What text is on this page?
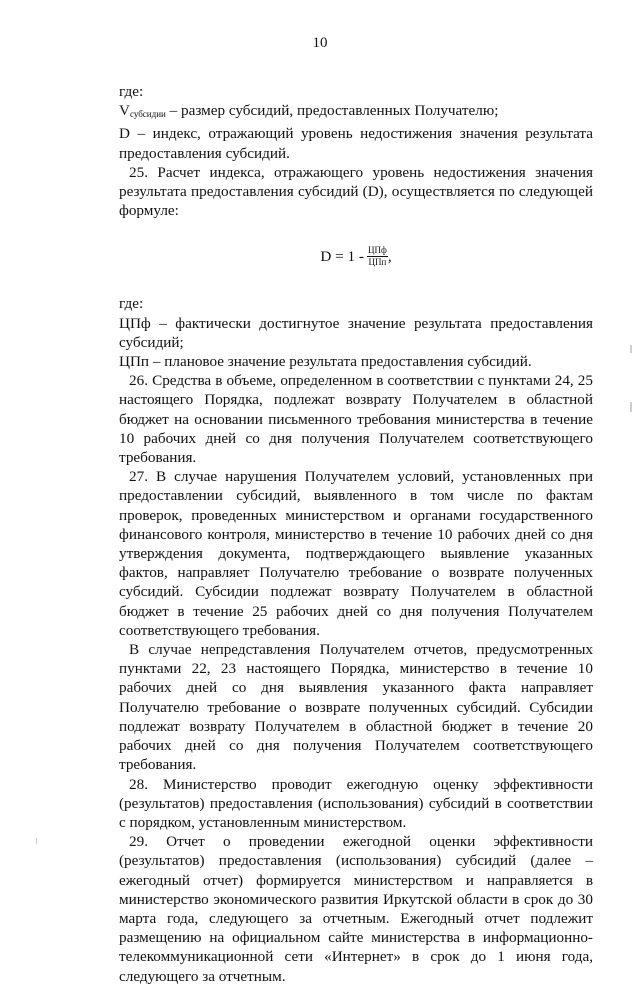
10

где:

$V_{субсидии}$ – размер субсидий, предоставленных Получателю;

D – индекс, отражающий уровень недостижения значения результата предоставления субсидий.

25. Расчет индекса, отражающего уровень недостижения значения результата предоставления субсидий (D), осуществляется по следующей формуле:

$D = 1 - \frac{\text{ЦПф}}{\text{ЦПп}}$ ,

где:

ЦПф – фактически достигнутое значение результата предоставления субсидий;

ЦПп – плановое значение результата предоставления субсидий.

26. Средства в объеме, определенном в соответствии с пунктами 24, 25 настоящего Порядка, подлежат возврату Получателем в областной бюджет на основании письменного требования министерства в течение 10 рабочих дней со дня получения Получателем соответствующего требования.

27. В случае нарушения Получателем условий, установленных при предоставлении субсидий, выявленного в том числе по фактам проверок, проведенных министерством и органами государственного финансового контроля, министерство в течение 10 рабочих дней со дня утверждения документа, подтверждающего выявление указанных фактов, направляет Получателю требование о возврате полученных субсидий. Субсидии подлежат возврату Получателем в областной бюджет в течение 25 рабочих дней со дня получения Получателем соответствующего требования.

В случае непредставления Получателем отчетов, предусмотренных пунктами 22, 23 настоящего Порядка, министерство в течение 10 рабочих дней со дня выявления указанного факта направляет Получателю требование о возврате полученных субсидий. Субсидии подлежат возврату Получателем в областной бюджет в течение 20 рабочих дней со дня получения Получателем соответствующего требования.

28. Министерство проводит ежегодную оценку эффективности (результатов) предоставления (использования) субсидий в соответствии с порядком, установленным министерством.

29. Отчет о проведении ежегодной оценки эффективности (результатов) предоставления (использования) субсидий (далее – ежегодный отчет) формируется министерством и направляется в министерство экономического развития Иркутской области в срок до 30 марта года, следующего за отчетным. Ежегодный отчет подлежит размещению на официальном сайте министерства в информационно-телекоммуникационной сети «Интернет» в срок до 1 июня года, следующего за отчетным.
